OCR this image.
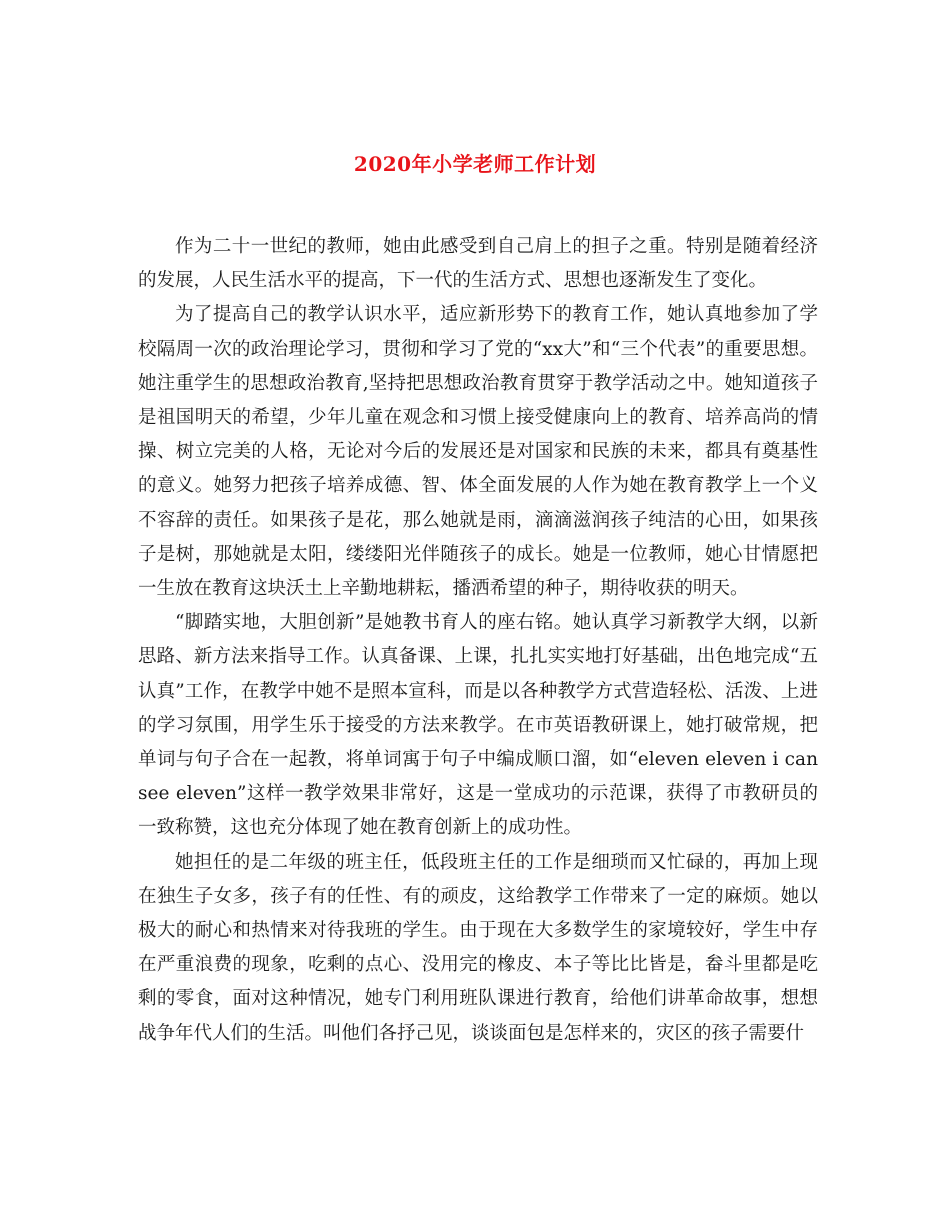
2020年小学老师工作计划

作为二十一世纪的教师，她由此感受到自己肩上的担子之重。特别是随着经济的发展，人民生活水平的提高，下一代的生活方式、思想也逐渐发生了变化。

为了提高自己的教学认识水平，适应新形势下的教育工作，她认真地参加了学校隔周一次的政治理论学习，贯彻和学习了党的“xx大”和“三个代表”的重要思想。她注重学生的思想政治教育,坚持把思想政治教育贯穿于教学活动之中。她知道孩子是祖国明天的希望，少年儿童在观念和习惯上接受健康向上的教育、培养高尚的情操、树立完美的人格，无论对今后的发展还是对国家和民族的未来，都具有奠基性的意义。她努力把孩子培养成德、智、体全面发展的人作为她在教育教学上一个义不容辞的责任。如果孩子是花，那么她就是雨，滴滴滋润孩子纯洁的心田，如果孩子是树，那她就是太阳，缕缕阳光伴随孩子的成长。她是一位教师，她心甘情愿把一生放在教育这块沃土上辛勤地耕耘，播洒希望的种子，期待收获的明天。

“脚踏实地，大胆创新”是她教书育人的座右铭。她认真学习新教学大纲，以新思路、新方法来指导工作。认真备课、上课，扎扎实实地打好基础，出色地完成“五认真”工作，在教学中她不是照本宣科，而是以各种教学方式营造轻松、活泼、上进的学习氛围，用学生乐于接受的方法来教学。在市英语教研课上，她打破常规，把单词与句子合在一起教，将单词寓于句子中编成顺口溜，如“eleven eleven i can see eleven”这样一教学效果非常好，这是一堂成功的示范课，获得了市教研员的一致称赞，这也充分体现了她在教育创新上的成功性。

她担任的是二年级的班主任，低段班主任的工作是细琐而又忙碌的，再加上现在独生子女多，孩子有的任性、有的顽皮，这给教学工作带来了一定的麻烦。她以极大的耐心和热情来对待我班的学生。由于现在大多数学生的家境较好，学生中存在严重浪费的现象，吃剩的点心、没用完的橡皮、本子等比比皆是，畚斗里都是吃剩的零食，面对这种情况，她专门利用班队课进行教育，给他们讲革命故事，想想战争年代人们的生活。叫他们各抒己见，谈谈面包是怎样来的，灾区的孩子需要什
